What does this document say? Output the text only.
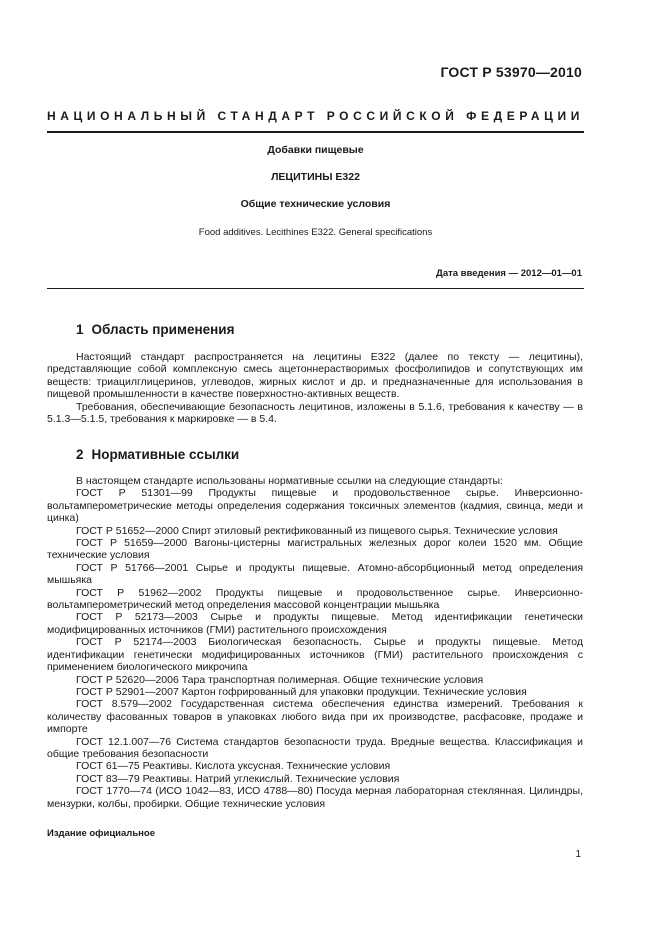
ГОСТ Р 53970—2010
НАЦИОНАЛЬНЫЙ СТАНДАРТ РОССИЙСКОЙ ФЕДЕРАЦИИ
Добавки пищевые
ЛЕЦИТИНЫ Е322
Общие технические условия
Food additives. Lecithines Е322. General specifications
Дата введения — 2012—01—01
1 Область применения

Настоящий стандарт распространяется на лецитины Е322 (далее по тексту — лецитины), представляющие собой комплексную смесь ацетоннерастворимых фосфолипидов и сопутствующих им веществ: триацилглицеринов, углеводов, жирных кислот и др. и предназначенные для использования в пищевой промышленности в качестве поверхностно-активных веществ.

Требования, обеспечивающие безопасность лецитинов, изложены в 5.1.6, требования к качеству — в 5.1.3—5.1.5, требования к маркировке — в 5.4.

2 Нормативные ссылки

В настоящем стандарте использованы нормативные ссылки на следующие стандарты:

ГОСТ Р 51301—99 Продукты пищевые и продовольственное сырье. Инверсионно-вольтамперометрические методы определения содержания токсичных элементов (кадмия, свинца, меди и цинка)

ГОСТ Р 51652—2000 Спирт этиловый ректификованный из пищевого сырья. Технические условия

ГОСТ Р 51659—2000 Вагоны-цистерны магистральных железных дорог колеи 1520 мм. Общие технические условия

ГОСТ Р 51766—2001 Сырье и продукты пищевые. Атомно-абсорбционный метод определения мышьяка

ГОСТ Р 51962—2002 Продукты пищевые и продовольственное сырье. Инверсионно-вольтамперометрический метод определения массовой концентрации мышьяка

ГОСТ Р 52173—2003 Сырье и продукты пищевые. Метод идентификации генетически модифицированных источников (ГМИ) растительного происхождения

ГОСТ Р 52174—2003 Биологическая безопасность. Сырье и продукты пищевые. Метод идентификации генетически модифицированных источников (ГМИ) растительного происхождения с применением биологического микрочипа

ГОСТ Р 52620—2006 Тара транспортная полимерная. Общие технические условия

ГОСТ Р 52901—2007 Картон гофрированный для упаковки продукции. Технические условия

ГОСТ 8.579—2002 Государственная система обеспечения единства измерений. Требования к количеству фасованных товаров в упаковках любого вида при их производстве, расфасовке, продаже и импорте

ГОСТ 12.1.007—76 Система стандартов безопасности труда. Вредные вещества. Классификация и общие требования безопасности

ГОСТ 61—75 Реактивы. Кислота уксусная. Технические условия

ГОСТ 83—79 Реактивы. Натрий углекислый. Технические условия

ГОСТ 1770—74 (ИСО 1042—83, ИСО 4788—80) Посуда мерная лабораторная стеклянная. Цилиндры, мензурки, колбы, пробирки. Общие технические условия

Издание официальное
1
